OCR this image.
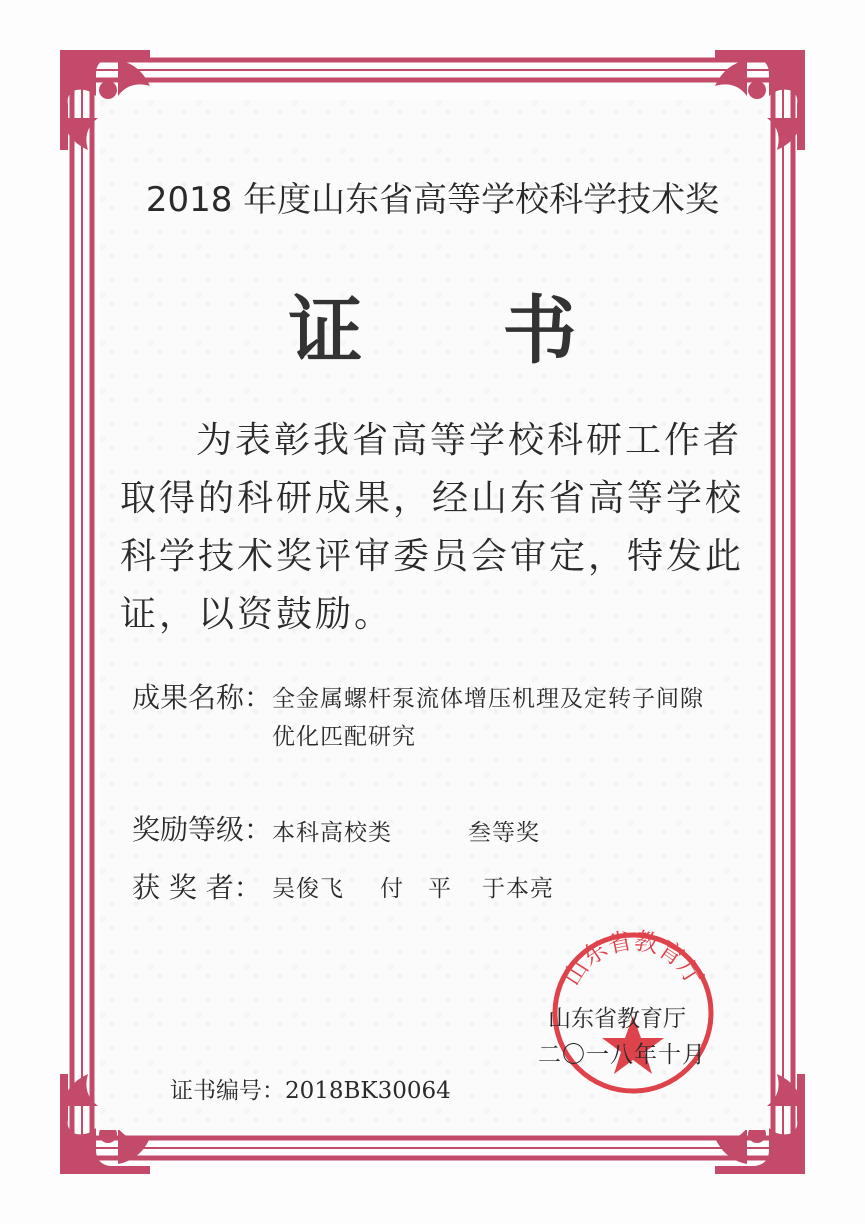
2018 年度山东省高等学校科学技术奖
证书
为表彰我省高等学校科研工作者取得的科研成果，经山东省高等学校科学技术奖评审委员会审定，特发此证，以资鼓励。
成果名称： 全金属螺杆泵流体增压机理及定转子间隙
优化匹配研究
奖励等级： 本科高校类	叁等奖
获 奖 者： 吴俊飞 付　平 于本亮
山东省教育厅
山东省教育厅
二〇一八年十月
证书编号：2018BK30064
